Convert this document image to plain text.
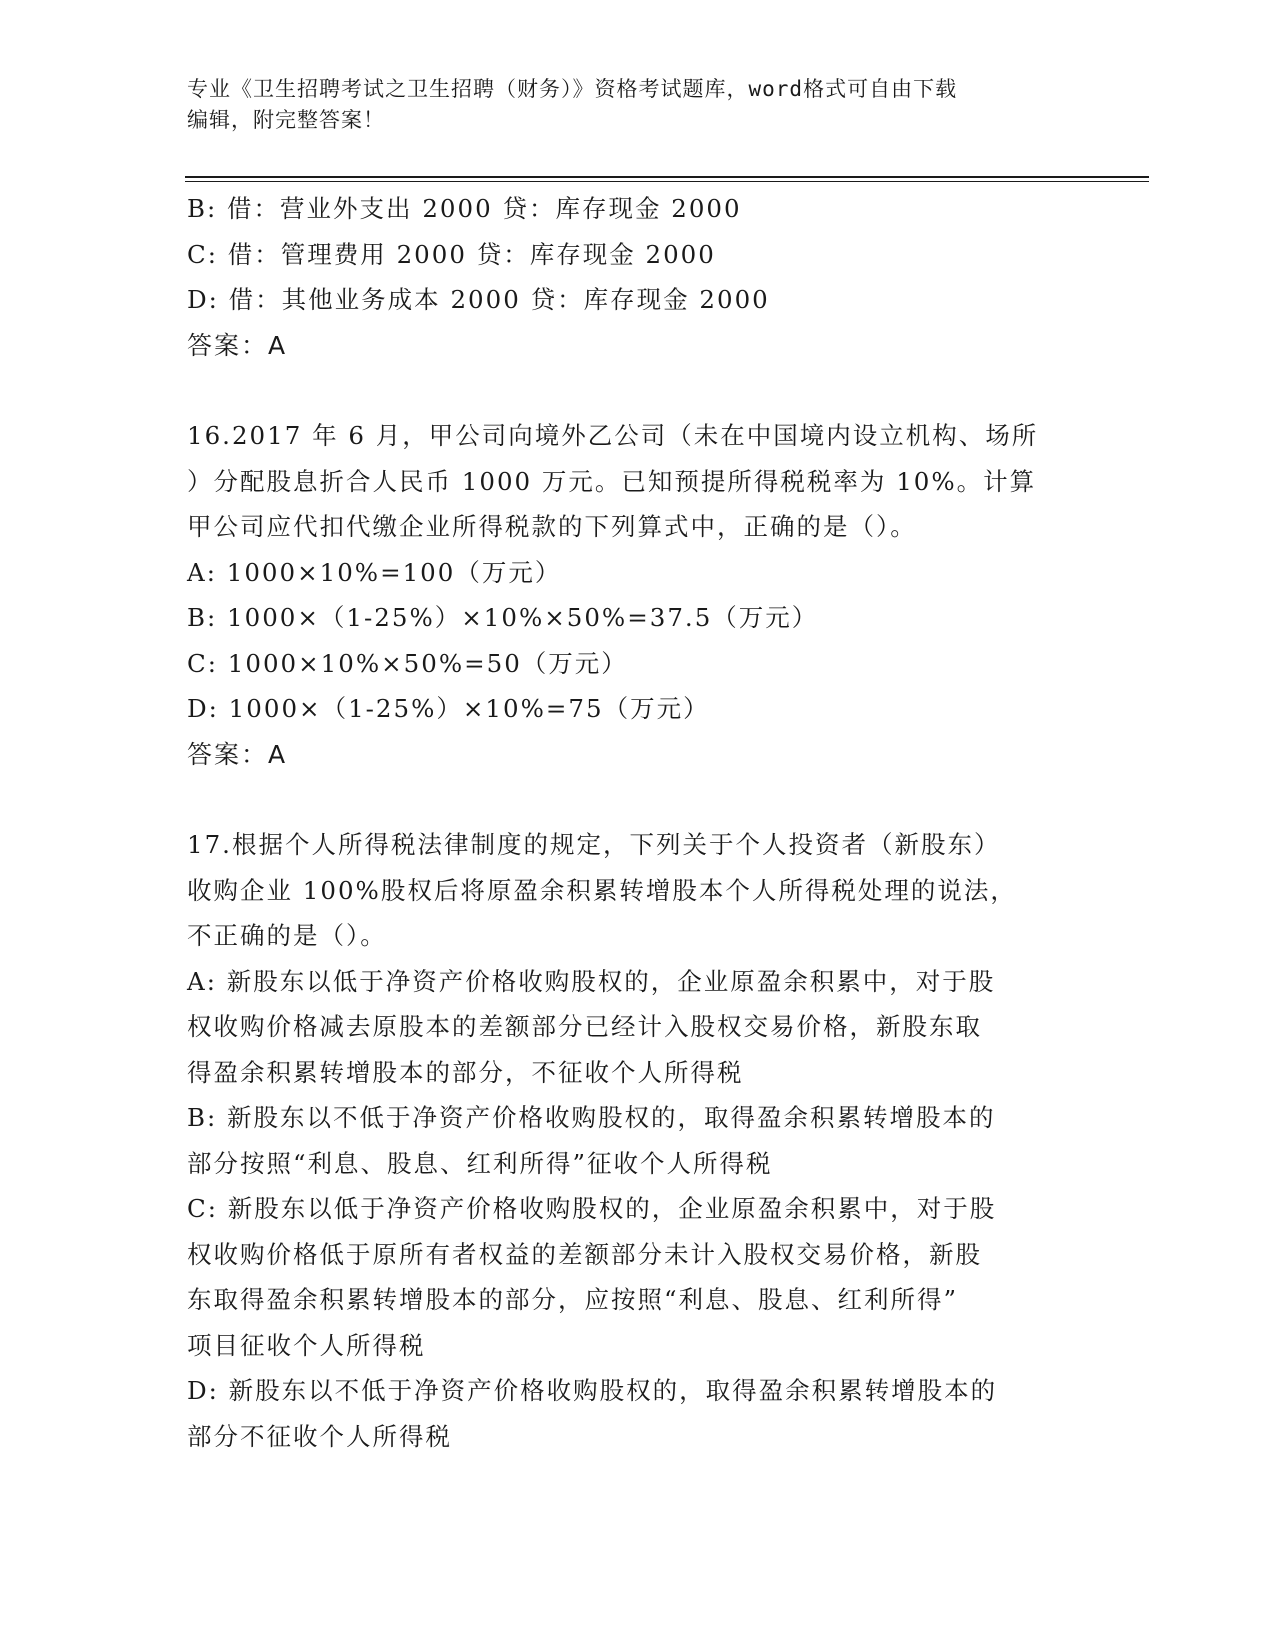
专业《卫生招聘考试之卫生招聘（财务）》资格考试题库，word格式可自由下载
编辑，附完整答案！
B: 借：营业外支出 2000 贷：库存现金 2000
C: 借：管理费用 2000 贷：库存现金 2000
D: 借：其他业务成本 2000 贷：库存现金 2000
答案：A
16.2017 年 6 月，甲公司向境外乙公司（未在中国境内设立机构、场所
）分配股息折合人民币 1000 万元。已知预提所得税税率为 10%。计算
甲公司应代扣代缴企业所得税款的下列算式中，正确的是（）。
A: 1000×10%=100（万元）
B: 1000×（1-25%）×10%×50%=37.5（万元）
C: 1000×10%×50%=50（万元）
D: 1000×（1-25%）×10%=75（万元）
答案：A
17.根据个人所得税法律制度的规定，下列关于个人投资者（新股东）
收购企业 100%股权后将原盈余积累转增股本个人所得税处理的说法，
不正确的是（）。
A: 新股东以低于净资产价格收购股权的，企业原盈余积累中，对于股
权收购价格减去原股本的差额部分已经计入股权交易价格，新股东取
得盈余积累转增股本的部分，不征收个人所得税
B: 新股东以不低于净资产价格收购股权的，取得盈余积累转增股本的
部分按照“利息、股息、红利所得”征收个人所得税
C: 新股东以低于净资产价格收购股权的，企业原盈余积累中，对于股
权收购价格低于原所有者权益的差额部分未计入股权交易价格，新股
东取得盈余积累转增股本的部分，应按照“利息、股息、红利所得”
项目征收个人所得税
D: 新股东以不低于净资产价格收购股权的，取得盈余积累转增股本的
部分不征收个人所得税
